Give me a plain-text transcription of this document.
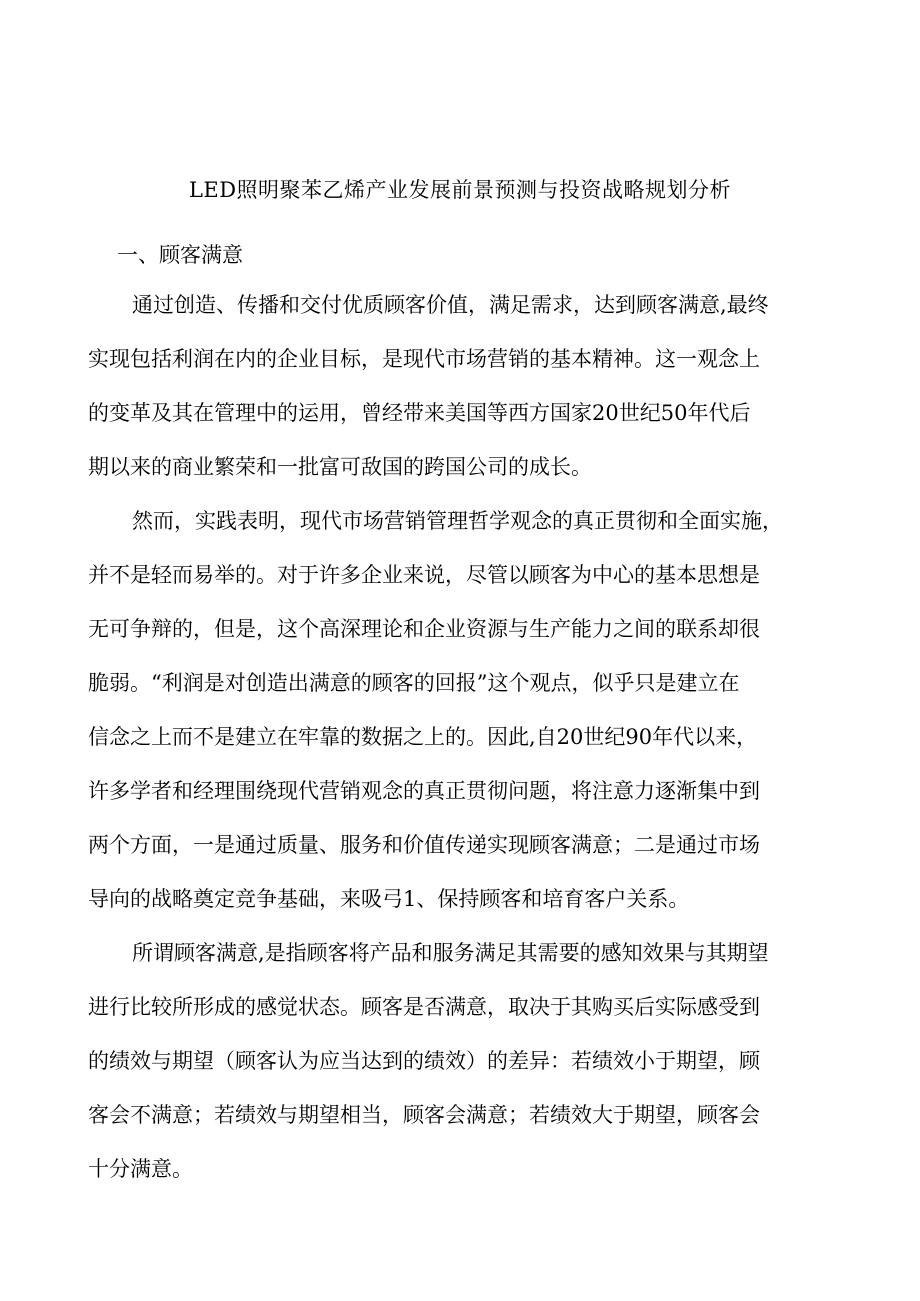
LED照明聚苯乙烯产业发展前景预测与投资战略规划分析
一、顾客满意
通过创造、传播和交付优质顾客价值，满足需求，达到顾客满意,最终
实现包括利润在内的企业目标，是现代市场营销的基本精神。这一观念上
的变革及其在管理中的运用，曾经带来美国等西方国家20世纪50年代后
期以来的商业繁荣和一批富可敌国的跨国公司的成长。
然而，实践表明，现代市场营销管理哲学观念的真正贯彻和全面实施，
并不是轻而易举的。对于许多企业来说，尽管以顾客为中心的基本思想是
无可争辩的，但是，这个高深理论和企业资源与生产能力之间的联系却很
脆弱。“利润是对创造出满意的顾客的回报”这个观点，似乎只是建立在
信念之上而不是建立在牢靠的数据之上的。因此,自20世纪90年代以来，
许多学者和经理围绕现代营销观念的真正贯彻问题，将注意力逐渐集中到
两个方面，一是通过质量、服务和价值传递实现顾客满意；二是通过市场
导向的战略奠定竞争基础，来吸弓1、保持顾客和培育客户关系。
所谓顾客满意,是指顾客将产品和服务满足其需要的感知效果与其期望
进行比较所形成的感觉状态。顾客是否满意，取决于其购买后实际感受到
的绩效与期望（顾客认为应当达到的绩效）的差异：若绩效小于期望，顾
客会不满意；若绩效与期望相当，顾客会满意；若绩效大于期望，顾客会
十分满意。
